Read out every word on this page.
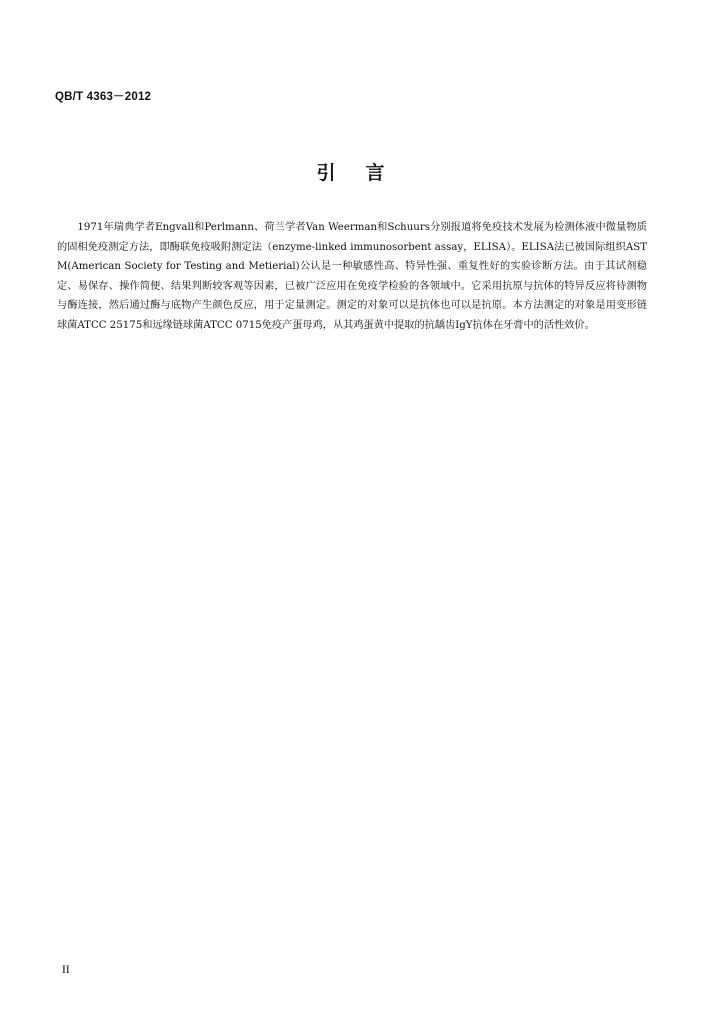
QB/T 4363－2012
引言

1971年瑞典学者Engvall和Perlmann、荷兰学者Van Weerman和Schuurs分别报道将免疫技术发展为检测体液中微量物质的固相免疫测定方法，即酶联免疫吸附测定法（enzyme-linked immunosorbent assay，ELISA）。ELISA法已被国际组织ASTM(American Society for Testing and Metierial)公认是一种敏感性高、特异性强、重复性好的实验诊断方法。由于其试剂稳定、易保存、操作简便、结果判断较客观等因素，已被广泛应用在免疫学检验的各领域中。它采用抗原与抗体的特异反应将待测物与酶连接，然后通过酶与底物产生颜色反应，用于定量测定。测定的对象可以是抗体也可以是抗原。本方法测定的对象是用变形链球菌ATCC 25175和远缘链球菌ATCC 0715免疫产蛋母鸡，从其鸡蛋黄中提取的抗龋齿IgY抗体在牙膏中的活性效价。

II
